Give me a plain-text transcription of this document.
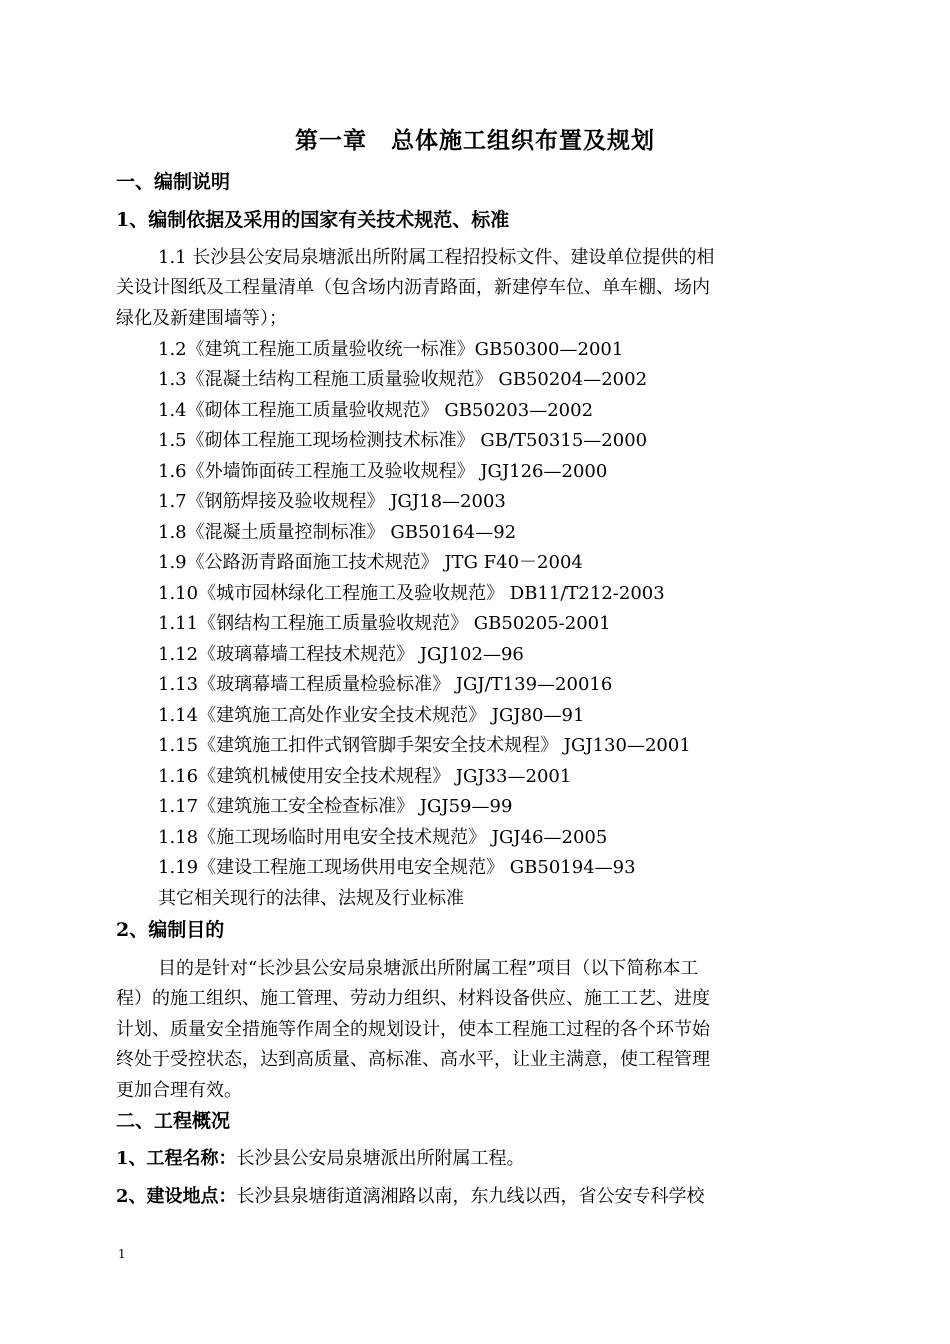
第一章　总体施工组织布置及规划
一、编制说明
1、编制依据及采用的国家有关技术规范、标准
1.1 长沙县公安局泉塘派出所附属工程招投标文件、建设单位提供的相
关设计图纸及工程量清单（包含场内沥青路面，新建停车位、单车棚、场内
绿化及新建围墙等）；
1.2《建筑工程施工质量验收统一标准》GB50300—2001
1.3《混凝土结构工程施工质量验收规范》 GB50204—2002
1.4《砌体工程施工质量验收规范》 GB50203—2002
1.5《砌体工程施工现场检测技术标准》 GB/T50315—2000
1.6《外墙饰面砖工程施工及验收规程》 JGJ126—2000
1.7《钢筋焊接及验收规程》 JGJ18—2003
1.8《混凝土质量控制标准》 GB50164—92
1.9《公路沥青路面施工技术规范》 JTG F40－2004
1.10《城市园林绿化工程施工及验收规范》 DB11/T212-2003
1.11《钢结构工程施工质量验收规范》 GB50205-2001
1.12《玻璃幕墙工程技术规范》 JGJ102—96
1.13《玻璃幕墙工程质量检验标准》 JGJ/T139—20016
1.14《建筑施工高处作业安全技术规范》 JGJ80—91
1.15《建筑施工扣件式钢管脚手架安全技术规程》 JGJ130—2001
1.16《建筑机械使用安全技术规程》 JGJ33—2001
1.17《建筑施工安全检查标准》 JGJ59—99
1.18《施工现场临时用电安全技术规范》 JGJ46—2005
1.19《建设工程施工现场供用电安全规范》 GB50194—93
其它相关现行的法律、法规及行业标准
2、编制目的
目的是针对“长沙县公安局泉塘派出所附属工程”项目（以下简称本工
程）的施工组织、施工管理、劳动力组织、材料设备供应、施工工艺、进度
计划、质量安全措施等作周全的规划设计，使本工程施工过程的各个环节始
终处于受控状态，达到高质量、高标准、高水平，让业主满意，使工程管理
更加合理有效。
二、工程概况
1、工程名称：长沙县公安局泉塘派出所附属工程。
2、建设地点：长沙县泉塘街道漓湘路以南，东九线以西，省公安专科学校
1
